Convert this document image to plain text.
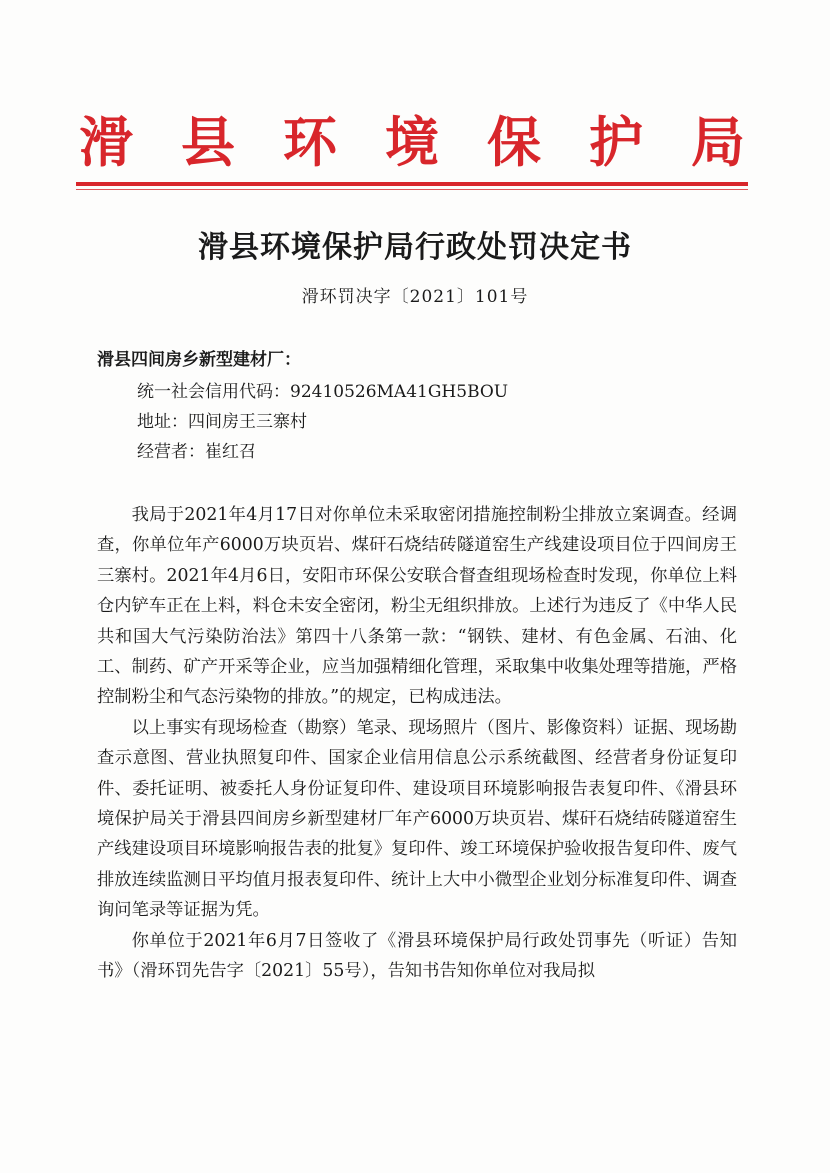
滑 县 环 境 保 护 局
滑县环境保护局行政处罚决定书
滑环罚决字〔2021〕101号
滑县四间房乡新型建材厂：
统一社会信用代码：92410526MA41GH5BOU
地址：四间房王三寨村
经营者：崔红召

我局于2021年4月17日对你单位未采取密闭措施控制粉尘排放立案调查。经调查，你单位年产6000万块页岩、煤矸石烧结砖隧道窑生产线建设项目位于四间房王三寨村。2021年4月6日，安阳市环保公安联合督查组现场检查时发现，你单位上料仓内铲车正在上料，料仓未安全密闭，粉尘无组织排放。上述行为违反了《中华人民共和国大气污染防治法》第四十八条第一款：“钢铁、建材、有色金属、石油、化工、制药、矿产开采等企业，应当加强精细化管理，采取集中收集处理等措施，严格控制粉尘和气态污染物的排放。”的规定，已构成违法。

以上事实有现场检查（勘察）笔录、现场照片（图片、影像资料）证据、现场勘查示意图、营业执照复印件、国家企业信用信息公示系统截图、经营者身份证复印件、委托证明、被委托人身份证复印件、建设项目环境影响报告表复印件、《滑县环境保护局关于滑县四间房乡新型建材厂年产6000万块页岩、煤矸石烧结砖隧道窑生产线建设项目环境影响报告表的批复》复印件、竣工环境保护验收报告复印件、废气排放连续监测日平均值月报表复印件、统计上大中小微型企业划分标准复印件、调查询问笔录等证据为凭。

你单位于2021年6月7日签收了《滑县环境保护局行政处罚事先（听证）告知书》（滑环罚先告字〔2021〕55号），告知书告知你单位对我局拟
